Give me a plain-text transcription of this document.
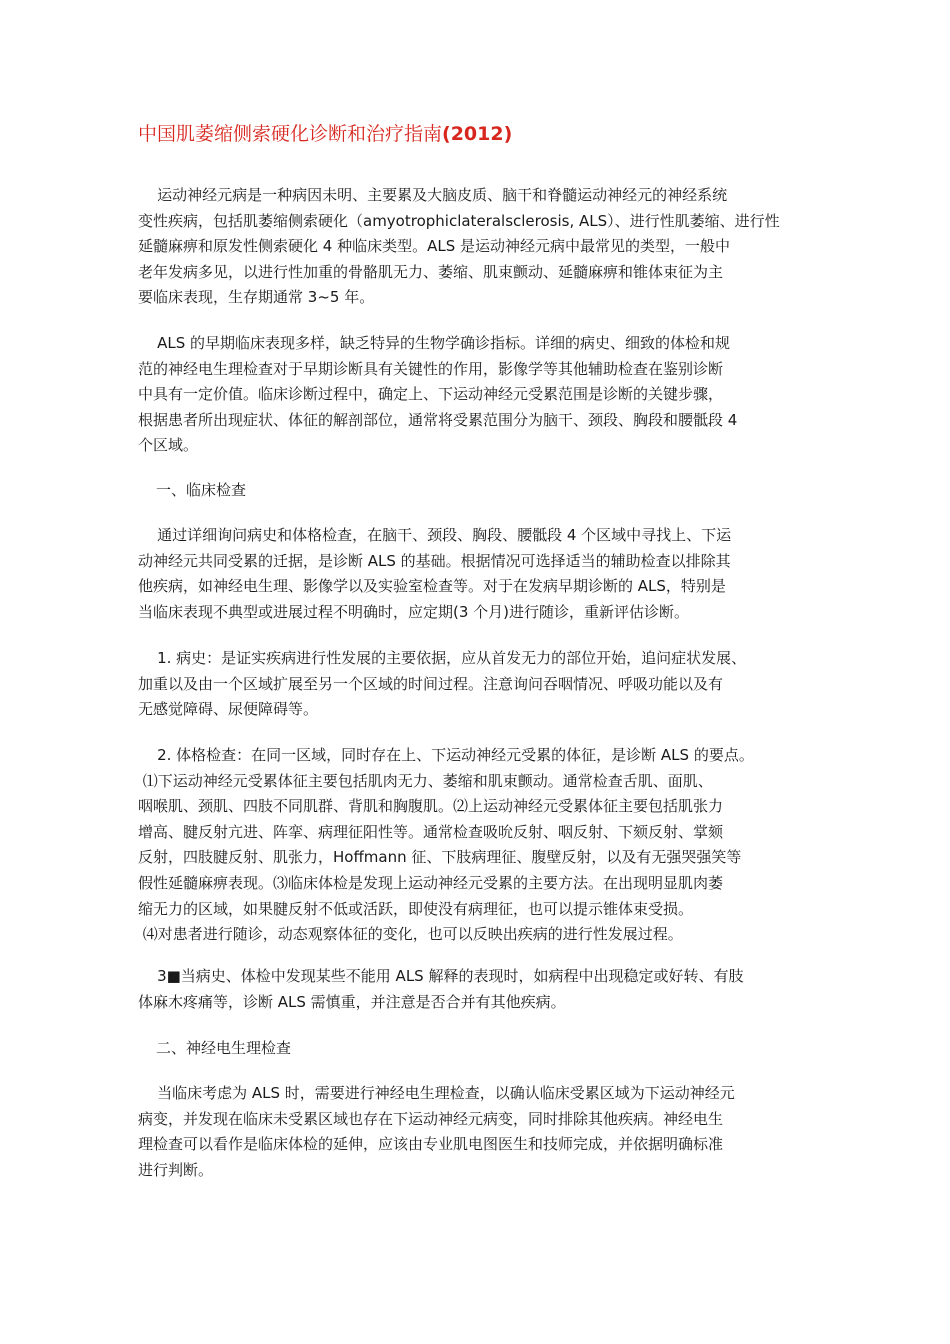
中国肌萎缩侧索硬化诊断和治疗指南(2012)
运动神经元病是一种病因未明、主要累及大脑皮质、脑干和脊髓运动神经元的神经系统
变性疾病，包括肌萎缩侧索硬化（amyotrophiclateralsclerosis, ALS）、进行性肌萎缩、进行性
延髓麻痹和原发性侧索硬化 4 种临床类型。ALS 是运动神经元病中最常见的类型，一般中
老年发病多见，以进行性加重的骨骼肌无力、萎缩、肌束颤动、延髓麻痹和锥体束征为主
要临床表现，生存期通常 3~5 年。
ALS 的早期临床表现多样，缺乏特异的生物学确诊指标。详细的病史、细致的体检和规
范的神经电生理检查对于早期诊断具有关键性的作用，影像学等其他辅助检查在鉴别诊断
中具有一定价值。临床诊断过程中，确定上、下运动神经元受累范围是诊断的关键步骤，
根据患者所出现症状、体征的解剖部位，通常将受累范围分为脑干、颈段、胸段和腰骶段 4
个区域。
一、临床检查
通过详细询问病史和体格检查，在脑干、颈段、胸段、腰骶段 4 个区域中寻找上、下运
动神经元共同受累的迁据，是诊断 ALS 的基础。根据情况可选择适当的辅助检查以排除其
他疾病，如神经电生理、影像学以及实验室检查等。对于在发病早期诊断的 ALS，特别是
当临床表现不典型或进展过程不明确时，应定期(3 个月)进行随诊，重新评估诊断。
1. 病史：是证实疾病进行性发展的主要依据，应从首发无力的部位开始，追问症状发展、
加重以及由一个区域扩展至另一个区域的时间过程。注意询问吞咽情况、呼吸功能以及有
无感觉障碍、尿便障碍等。
2. 体格检查：在同一区域，同时存在上、下运动神经元受累的体征，是诊断 ALS 的要点。
⑴下运动神经元受累体征主要包括肌肉无力、萎缩和肌束颤动。通常检查舌肌、面肌、
咽喉肌、颈肌、四肢不同肌群、背肌和胸腹肌。⑵上运动神经元受累体征主要包括肌张力
增高、腱反射亢进、阵挛、病理征阳性等。通常检查吸吮反射、咽反射、下颏反射、掌颏
反射，四肢腱反射、肌张力，Hoffmann 征、下肢病理征、腹壁反射，以及有无强哭强笑等
假性延髓麻痹表现。⑶临床体检是发现上运动神经元受累的主要方法。在出现明显肌肉萎
缩无力的区域，如果腱反射不低或活跃，即使没有病理征，也可以提示锥体束受损。
⑷对患者进行随诊，动态观察体征的变化，也可以反映出疾病的进行性发展过程。
3■当病史、体检中发现某些不能用 ALS 解释的表现时，如病程中出现稳定或好转、有肢
体麻木疼痛等，诊断 ALS 需慎重，并注意是否合并有其他疾病。
二、神经电生理检查
当临床考虑为 ALS 时，需要进行神经电生理检查，以确认临床受累区域为下运动神经元
病变，并发现在临床未受累区域也存在下运动神经元病变，同时排除其他疾病。神经电生
理检查可以看作是临床体检的延伸，应该由专业肌电图医生和技师完成，并依据明确标准
进行判断。
